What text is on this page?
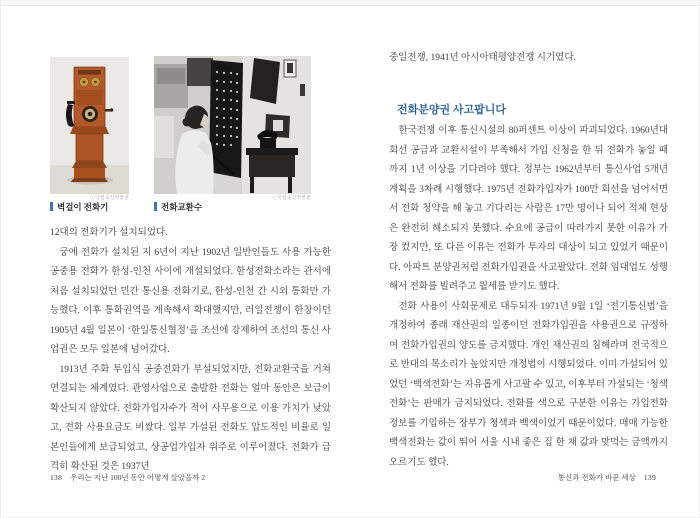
ⓒ국립중앙박물관
벽걸이 전화기
ⓒ국립중앙박물관
전화교환수

12대의 전화기가 설치되었다.

궁에 전화가 설치된 지 6년이 지난 1902년 일반인들도 사용 가능한 공중용 전화가 한성-인천 사이에 개설되었다. 한성전화소라는 관서에 처음 설치되었던 민간 통신용 전화기로, 한성-인천 간 시외 통화만 가능했다. 이후 통화권역을 계속해서 확대했지만, 러일전쟁이 한창이던 1905년 4월 일본이 ‘한일통신협정’을 조선에 강제하여 조선의 통신 사업권은 모두 일본에 넘어갔다.

1913년 주화 투입식 공중전화가 부설되었지만, 전화교환국을 거쳐 연결되는 체계였다. 관영사업으로 출발한 전화는 얼마 동안은 보급이 확산되지 않았다. 전화가입자수가 적어 사무용으로 이용 가치가 낮았고, 전화 사용요금도 비쌌다. 일부 가설된 전화도 압도적인 비율로 일본인들에게 보급되었고, 상공업가입자 위주로 이루어졌다. 전화가 급격히 확산된 것은 1937년

중일전쟁, 1941년 아시아태평양전쟁 시기였다.

전화분양권 사고팝니다

한국전쟁 이후 통신시설의 80퍼센트 이상이 파괴되었다. 1960년대 회선 공급과 교환시설이 부족해서 가입 신청을 한 뒤 전화가 놓일 때까지 1년 이상을 기다려야 했다. 정부는 1962년부터 통신사업 5개년 계획을 3차례 시행했다. 1975년 전화가입자가 100만 회선을 넘어서면서 전화 청약을 해 놓고 기다리는 사람은 17만 명이나 되어 적체 현상은 완전히 해소되지 못했다. 수요에 공급이 따라가지 못한 이유가 가장 컸지만, 또 다른 이유는 전화가 투자의 대상이 되고 있었기 때문이다. 아파트 분양권처럼 전화가입권을 사고팔았다. 전화 임대업도 성행해서 전화를 빌려주고 월세를 받기도 했다.

전화 사용이 사회문제로 대두되자 1971년 9월 1일 ‘전기통신법’을 개정하여 종래 재산권의 일종이던 전화가입권을 사용권으로 규정하여 전화가입권의 양도를 금지했다. 개인 재산권의 침해라며 전국적으로 반대의 목소리가 높았지만 개정법이 시행되었다. 이미 가설되어 있었던 ‘백색전화’는 자유롭게 사고팔 수 있고, 이후부터 가설되는 ‘청색전화’는 판매가 금지되었다. 전화를 색으로 구분한 이유는 가입전화 정보를 기입하는 장부가 청색과 백색이었기 때문이었다. 매매 가능한 백색전화는 값이 뛰어 서울 시내 좋은 집 한 채 값과 맞먹는 금액까지 오르기도 했다.

138 우리는 지난 100년 동안 어떻게 살았을까 2	통신과 전화가 바꾼 세상 139
